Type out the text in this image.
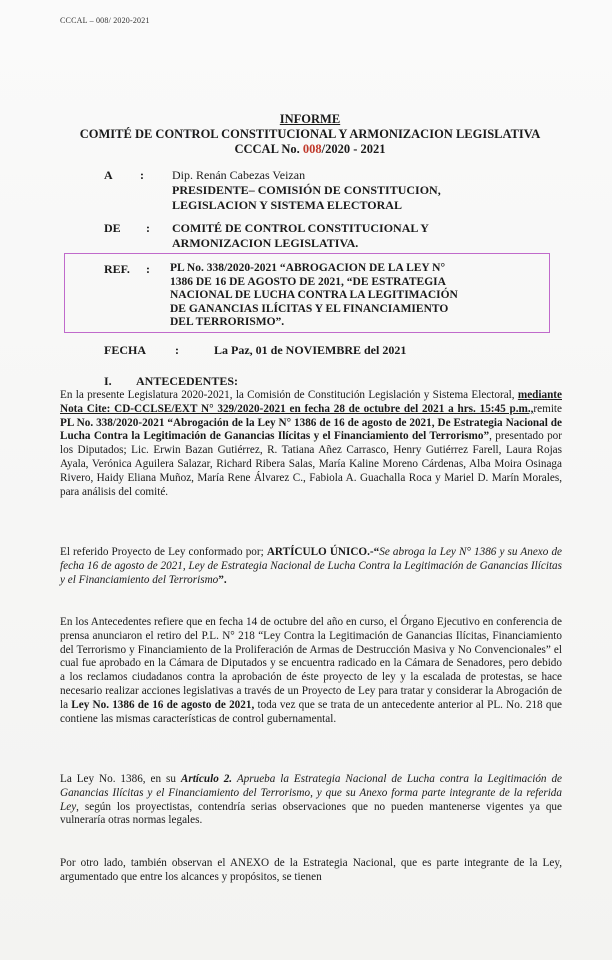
CCCAL – 008/ 2020-2021
INFORME
COMITÉ DE CONTROL CONSTITUCIONAL Y ARMONIZACION LEGISLATIVA
CCCAL No. 008/2020 - 2021
A : Dip. Renán Cabezas Veizan
PRESIDENTE– COMISIÓN DE CONSTITUCION,
LEGISLACION Y SISTEMA ELECTORAL
DE : COMITÉ DE CONTROL CONSTITUCIONAL Y
ARMONIZACION LEGISLATIVA.
REF. : PL No. 338/2020-2021 “ABROGACION DE LA LEY N°
1386 DE 16 DE AGOSTO DE 2021, “DE ESTRATEGIA
NACIONAL DE LUCHA CONTRA LA LEGITIMACIÓN
DE GANANCIAS ILÍCITAS Y EL FINANCIAMIENTO
DEL TERRORISMO”.
FECHA :	La Paz, 01 de NOVIEMBRE del 2021
I. ANTECEDENTES:
En la presente Legislatura 2020-2021, la Comisión de Constitución Legislación y Sistema Electoral, mediante Nota Cite: CD-CCLSE/EXT N° 329/2020-2021 en fecha 28 de octubre del 2021 a hrs. 15:45 p.m.,remite PL No. 338/2020-2021 “Abrogación de la Ley N° 1386 de 16 de agosto de 2021, De Estrategia Nacional de Lucha Contra la Legitimación de Ganancias Ilícitas y el Financiamiento del Terrorismo”, presentado por los Diputados; Lic. Erwin Bazan Gutiérrez, R. Tatiana Añez Carrasco, Henry Gutiérrez Farell, Laura Rojas Ayala, Verónica Aguilera Salazar, Richard Ribera Salas, María Kaline Moreno Cárdenas, Alba Moira Osinaga Rivero, Haidy Eliana Muñoz, María Rene Álvarez C., Fabiola A. Guachalla Roca y Mariel D. Marín Morales, para análisis del comité.
El referido Proyecto de Ley conformado por; ARTÍCULO ÚNICO.-“Se abroga la Ley N° 1386 y su Anexo de fecha 16 de agosto de 2021, Ley de Estrategia Nacional de Lucha Contra la Legitimación de Ganancias Ilícitas y el Financiamiento del Terrorismo”.
En los Antecedentes refiere que en fecha 14 de octubre del año en curso, el Órgano Ejecutivo en conferencia de prensa anunciaron el retiro del P.L. N° 218 “Ley Contra la Legitimación de Ganancias Ilícitas, Financiamiento del Terrorismo y Financiamiento de la Proliferación de Armas de Destrucción Masiva y No Convencionales” el cual fue aprobado en la Cámara de Diputados y se encuentra radicado en la Cámara de Senadores, pero debido a los reclamos ciudadanos contra la aprobación de éste proyecto de ley y la escalada de protestas, se hace necesario realizar acciones legislativas a través de un Proyecto de Ley para tratar y considerar la Abrogación de la Ley No. 1386 de 16 de agosto de 2021, toda vez que se trata de un antecedente anterior al PL. No. 218 que contiene las mismas características de control gubernamental.
La Ley No. 1386, en su Artículo 2. Aprueba la Estrategia Nacional de Lucha contra la Legitimación de Ganancias Ilícitas y el Financiamiento del Terrorismo, y que su Anexo forma parte integrante de la referida Ley, según los proyectistas, contendría serias observaciones que no pueden mantenerse vigentes ya que vulneraría otras normas legales.
Por otro lado, también observan el ANEXO de la Estrategia Nacional, que es parte integrante de la Ley, argumentado que entre los alcances y propósitos, se tienen
